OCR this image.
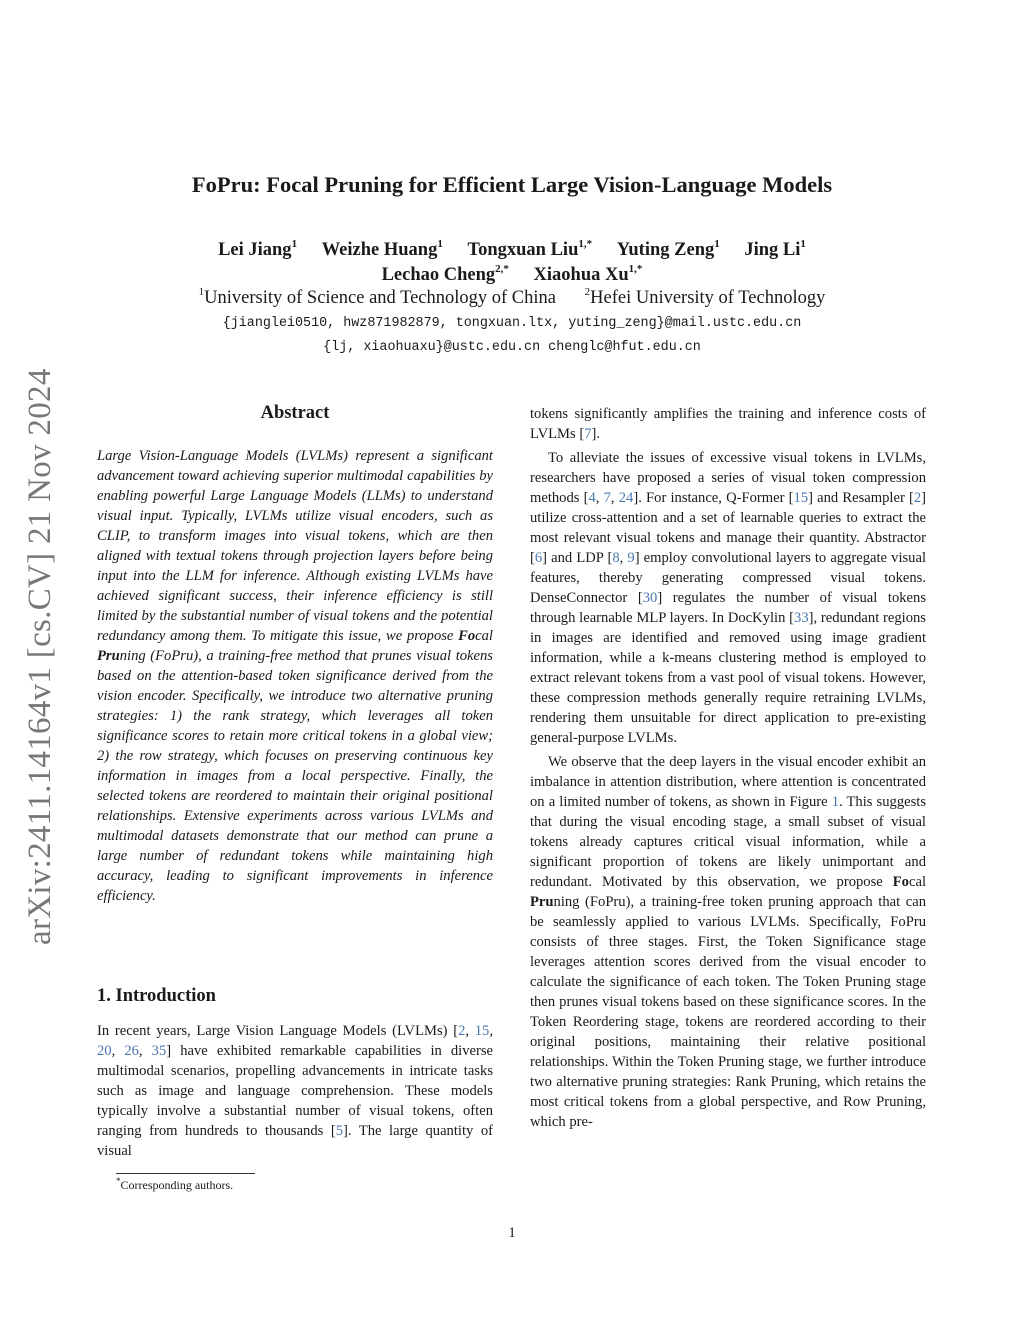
arXiv:2411.14164v1 [cs.CV] 21 Nov 2024
FoPru: Focal Pruning for Efficient Large Vision-Language Models
Lei Jiang$^1$ Weizhe Huang$^1$ Tongxuan Liu$^{1,*}$ Yuting Zeng$^1$ Jing Li$^1$
Lechao Cheng$^{2,*}$ Xiaohua $Xu^{1,*}$
$^1$University of Science and Technology of China	$^2$Hefei University of Technology
{jianglei0510, hwz871982879, tongxuan.ltx, yuting_zeng}@mail.ustc.edu.cn
{lj, xiaohuaxu}@ustc.edu.cn chenglc@hfut.edu.cn
Abstract
Large Vision-Language Models (LVLMs) represent a significant advancement toward achieving superior multimodal capabilities by enabling powerful Large Language Models (LLMs) to understand visual input. Typically, LVLMs utilize visual encoders, such as CLIP, to transform images into visual tokens, which are then aligned with textual tokens through projection layers before being input into the LLM for inference. Although existing LVLMs have achieved significant success, their inference efficiency is still limited by the substantial number of visual tokens and the potential redundancy among them. To mitigate this issue, we propose Focal Pruning (FoPru), a training-free method that prunes visual tokens based on the attention-based token significance derived from the vision encoder. Specifically, we introduce two alternative pruning strategies: 1) the rank strategy, which leverages all token significance scores to retain more critical tokens in a global view; 2) the row strategy, which focuses on preserving continuous key information in images from a local perspective. Finally, the selected tokens are reordered to maintain their original positional relationships. Extensive experiments across various LVLMs and multimodal datasets demonstrate that our method can prune a large number of redundant tokens while maintaining high accuracy, leading to significant improvements in inference efficiency.
1. Introduction

In recent years, Large Vision Language Models (LVLMs) [2, 15, 20, 26, 35] have exhibited remarkable capabilities in diverse multimodal scenarios, propelling advancements in intricate tasks such as image and language comprehension. These models typically involve a substantial number of visual tokens, often ranging from hundreds to thousands [5]. The large quantity of visual

tokens significantly amplifies the training and inference costs of LVLMs [7].

To alleviate the issues of excessive visual tokens in LVLMs, researchers have proposed a series of visual token compression methods [4, 7, 24]. For instance, Q-Former [15] and Resampler [2] utilize cross-attention and a set of learnable queries to extract the most relevant visual tokens and manage their quantity. Abstractor [6] and LDP [8, 9] employ convolutional layers to aggregate visual features, thereby generating compressed visual tokens. DenseConnector [30] regulates the number of visual tokens through learnable MLP layers. In DocKylin [33], redundant regions in images are identified and removed using image gradient information, while a k-means clustering method is employed to extract relevant tokens from a vast pool of visual tokens. However, these compression methods generally require retraining LVLMs, rendering them unsuitable for direct application to pre-existing general-purpose LVLMs.

We observe that the deep layers in the visual encoder exhibit an imbalance in attention distribution, where attention is concentrated on a limited number of tokens, as shown in Figure 1. This suggests that during the visual encoding stage, a small subset of visual tokens already captures critical visual information, while a significant proportion of tokens are likely unimportant and redundant. Motivated by this observation, we propose Focal Pruning (FoPru), a training-free token pruning approach that can be seamlessly applied to various LVLMs. Specifically, FoPru consists of three stages. First, the Token Significance stage leverages attention scores derived from the visual encoder to calculate the significance of each token. The Token Pruning stage then prunes visual tokens based on these significance scores. In the Token Reordering stage, tokens are reordered according to their original positions, maintaining their relative positional relationships. Within the Token Pruning stage, we further introduce two alternative pruning strategies: Rank Pruning, which retains the most critical tokens from a global perspective, and Row Pruning, which pre-

*Corresponding authors.
1
